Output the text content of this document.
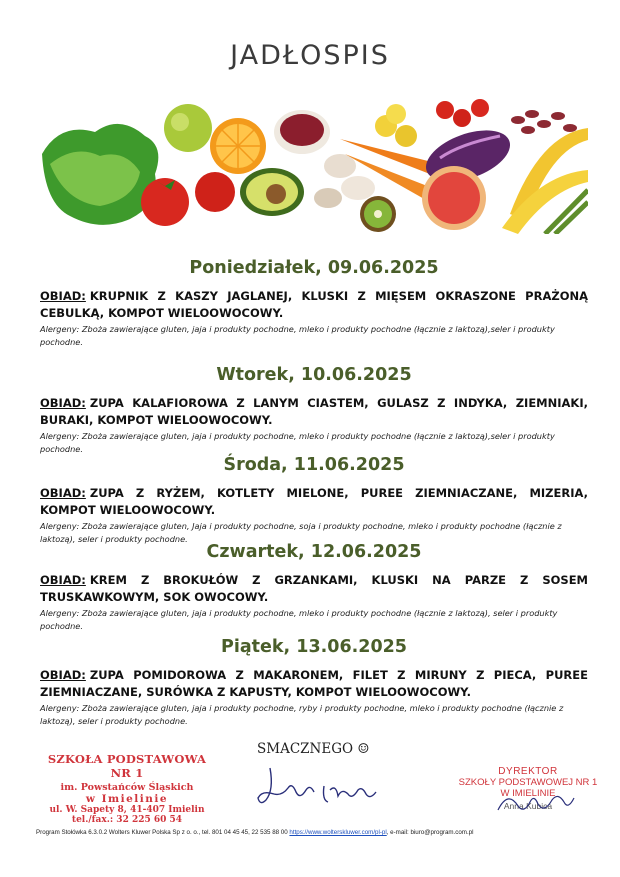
JADŁOSPIS

Poniedziałek, 09.06.2025

OBIAD: KRUPNIK Z KASZY JAGLANEJ, KLUSKI Z MIĘSEM OKRASZONE PRAŻONĄ CEBULKĄ, KOMPOT WIELOOWOCOWY.

Alergeny: Zboża zawierające gluten, jaja i produkty pochodne, mleko i produkty pochodne (łącznie z laktozą),seler i produkty pochodne.

Wtorek, 10.06.2025

OBIAD: ZUPA KALAFIOROWA Z LANYM CIASTEM, GULASZ Z INDYKA, ZIEMNIAKI, BURAKI, KOMPOT WIELOOWOCOWY.

Alergeny: Zboża zawierające gluten, jaja i produkty pochodne, mleko i produkty pochodne (łącznie z laktozą),seler i produkty pochodne.

Środa, 11.06.2025

OBIAD: ZUPA Z RYŻEM, KOTLETY MIELONE, PUREE ZIEMNIACZANE, MIZERIA, KOMPOT WIELOOWOCOWY.

Alergeny: Zboża zawierające gluten, Jaja i produkty pochodne, soja i produkty pochodne, mleko i produkty pochodne (łącznie z laktozą), seler i produkty pochodne.

Czwartek, 12.06.2025

OBIAD: KREM Z BROKUŁÓW Z GRZANKAMI, KLUSKI NA PARZE Z SOSEM TRUSKAWKOWYM, SOK OWOCOWY.

Alergeny: Zboża zawierające gluten, jaja i produkty pochodne, mleko i produkty pochodne (łącznie z laktozą), seler i produkty pochodne.

Piątek, 13.06.2025

OBIAD: ZUPA POMIDOROWA Z MAKARONEM, FILET Z MIRUNY Z PIECA, PUREE ZIEMNIACZANE, SURÓWKA Z KAPUSTY, KOMPOT WIELOOWOCOWY.

Alergeny: Zboża zawierające gluten, jaja i produkty pochodne, ryby i produkty pochodne, mleko i produkty pochodne (łącznie z laktozą), seler i produkty pochodne.

SZKOŁA PODSTAWOWA NR 1
im. Powstańców Śląskich
w Imielinie
ul. W. Sapety 8, 41-407 Imielin
tel./fax.: 32 225 60 54
SMACZNEGO ☺
DYREKTOR
SZKOŁY PODSTAWOWEJ NR 1
W IMIELINIE
Anna Kubica
Program Stołówka 6.3.0.2 Wolters Kluwer Polska Sp z o. o., tel. 801 04 45 45, 22 535 88 00 https://www.wolterskluwer.com/pl-pl, e-mail: biuro@program.com.pl
